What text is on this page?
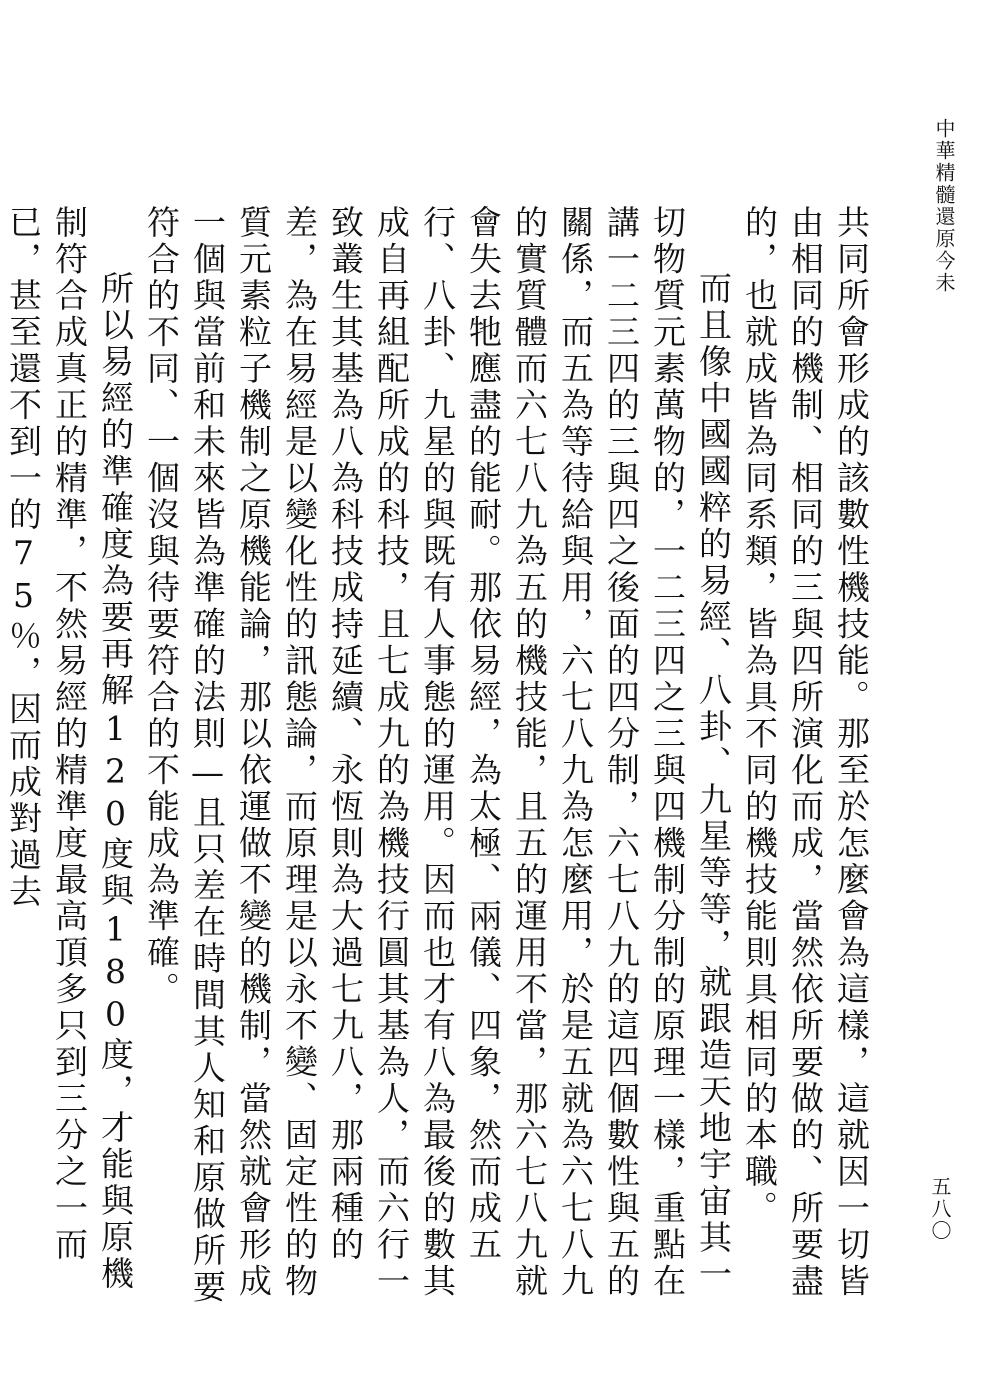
中華精髓還原今未

共同所會形成的該數性機技能。那至於怎麼會為這樣，這就因一切皆由相同的機制、相同的三與四所演化而成，當然依所要做的、所要盡的，也就成皆為同系類，皆為具不同的機技能則具相同的本職。

而且像中國國粹的易經、八卦、九星等等，就跟造天地宇宙其一切物質元素萬物的，一二三四之三與四機制分制的原理一樣，重點在講一二三四的三與四之後面的四分制，六七八九的這四個數性與五的關係，而五為等待給與用，六七八九為怎麼用，於是五就為六七八九的實質體而六七八九為五的機技能，且五的運用不當，那六七八九就會失去牠應盡的能耐。那依易經，為太極、兩儀、四象，然而成五行、八卦、九星的與既有人事態的運用。因而也才有八為最後的數其成自再組配所成的科技，且七成九的為機技行圓其基為人，而六行一致叢生其基為八為科技成持延續、永恆則為大過七九八，那兩種的差，為在易經是以變化性的訊態論，而原理是以永不變、固定性的物質元素粒子機制之原機能論，那以依運做不變的機制，當然就會形成一個與當前和未來皆為準確的法則—且只差在時間其人知和原做所要符合的不同、一個沒與待要符合的不能成為準確。

所以易經的準確度為要再解120度與180度，才能與原機制符合成真正的精準，不然易經的精準度最高頂多只到三分之一而已，甚至還不到一的75％，因而成對過去

五八〇
